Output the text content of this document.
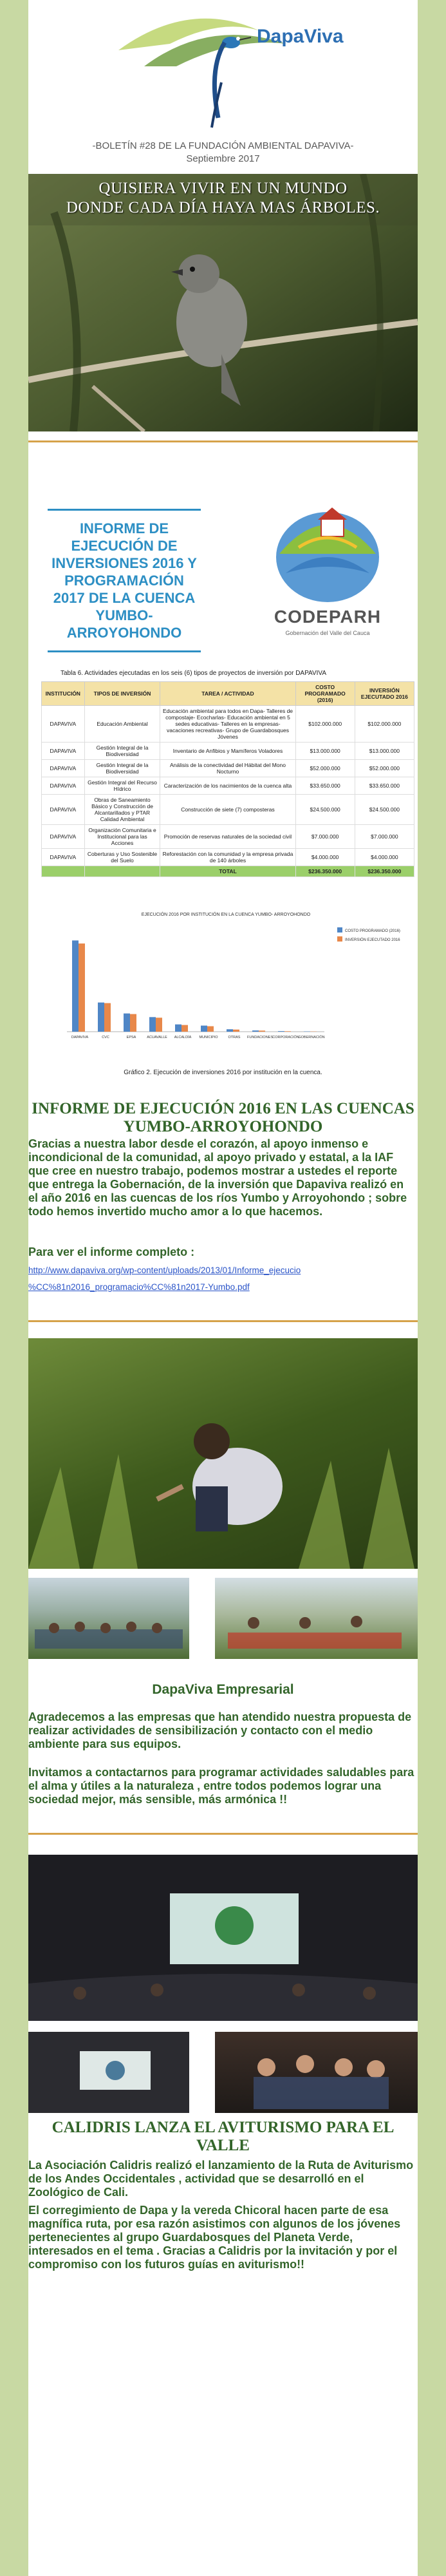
DapaViva
-BOLETÍN #28 DE LA FUNDACIÓN AMBIENTAL DAPAVIVA-
Septiembre 2017
QUISIERA VIVIR EN UN MUNDO
DONDE CADA DÍA HAYA MAS ÁRBOLES.
INFORME DE EJECUCIÓN DE INVERSIONES 2016 Y PROGRAMACIÓN 2017 DE LA CUENCA YUMBO-ARROYOHONDO
CODEPARH
Gobernación del Valle del Cauca
Tabla 6. Actividades ejecutadas en los seis (6) tipos de proyectos de inversión por DAPAVIVA
INSTITUCIÓN	TIPOS DE INVERSIÓN	TAREA / ACTIVIDAD	COSTO PROGRAMADO (2016)	INVERSIÓN EJECUTADO 2016
DAPAVIVA	Educación Ambiental	Educación ambiental para todos en Dapa- Talleres de compostaje- Ecocharlas- Educación ambiental en 5 sedes educativas- Talleres en la empresas- vacaciones recreativas- Grupo de Guardabosques Jóvenes	$102.000.000	$102.000.000
DAPAVIVA	Gestión Integral de la Biodiversidad	Inventario de Anfibios y Mamíferos Voladores	$13.000.000	$13.000.000
DAPAVIVA	Gestión Integral de la Biodiversidad	Análisis de la conectividad del Hábitat del Mono Nocturno	$52.000.000	$52.000.000
DAPAVIVA	Gestión Integral del Recurso Hídrico	Caracterización de los nacimientos de la cuenca alta	$33.650.000	$33.650.000
DAPAVIVA	Obras de Saneamiento Básico y Construcción de Alcantarillados y PTAR Calidad Ambiental	Construcción de siete (7) composteras	$24.500.000	$24.500.000
DAPAVIVA	Organización Comunitaria e Institucional para las Acciones	Promoción de reservas naturales de la sociedad civil	$7.000.000	$7.000.000
DAPAVIVA	Coberturas y Uso Sostenible del Suelo	Reforestación con la comunidad y la empresa privada de 140 árboles	$4.000.000	$4.000.000
		TOTAL	$236.350.000	$236.350.000
EJECUCIÓN 2016 POR INSTITUCIÓN EN LA CUENCA YUMBO- ARROYOHONDO
DAPAVIVA	CVC	EPSA	ACUAVALLE ALCALDÍA MUNICIPIO	OTRAS FUNDACIONES CORPORACIÓN
GOBERNACIÓN
COSTO PROGRAMADO (2016)
INVERSIÓN EJECUTADO 2016
Gráfico 2. Ejecución de inversiones 2016 por institución en la cuenca.
INFORME DE EJECUCIÓN 2016 EN LAS CUENCAS YUMBO-ARROYOHONDO
Gracias a nuestra labor desde el corazón, al apoyo inmenso e incondicional de la comunidad, al apoyo privado y estatal, a la IAF que cree en nuestro trabajo, podemos mostrar a ustedes el reporte que entrega la Gobernación, de la inversión que Dapaviva realizó en el año 2016 en las cuencas de los ríos Yumbo y Arroyohondo ; sobre todo hemos invertido mucho amor a lo que hacemos.
Para ver el informe completo :
http://www.dapaviva.org/wp-content/uploads/2013/01/Informe_ejecucio
%CC%81n2016_programacio%CC%81n2017-Yumbo.pdf
DapaViva Empresarial
Agradecemos a las empresas que han atendido nuestra propuesta de realizar actividades de sensibilización y contacto con el medio ambiente para sus equipos.
Invitamos a contactarnos para programar actividades saludables para el alma y útiles a la naturaleza , entre todos podemos lograr una sociedad mejor, más sensible, más armónica !!
CALIDRIS LANZA EL AVITURISMO PARA EL VALLE
La Asociación Calidris realizó el lanzamiento de la Ruta de Aviturismo de los Andes Occidentales , actividad que se desarrolló en el Zoológico de Cali.
El corregimiento de Dapa y la vereda Chicoral hacen parte de esa magnífica ruta, por esa razón asistimos con algunos de los jóvenes pertenecientes al grupo Guardabosques del Planeta Verde, interesados en el tema . Gracias a Calidris por la invitación y por el compromiso con los futuros guías en aviturismo!!
